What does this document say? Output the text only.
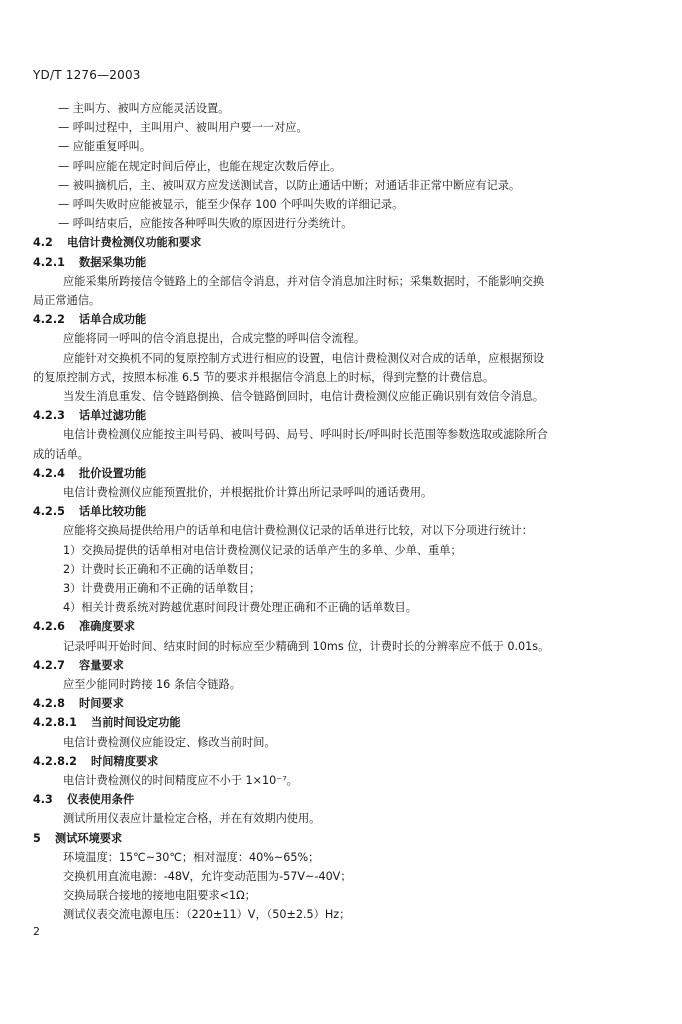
YD/T 1276—2003
— 主叫方、被叫方应能灵活设置。
— 呼叫过程中，主叫用户、被叫用户要一一对应。
— 应能重复呼叫。
— 呼叫应能在规定时间后停止，也能在规定次数后停止。
— 被叫摘机后，主、被叫双方应发送测试音，以防止通话中断；对通话非正常中断应有记录。
— 呼叫失败时应能被显示，能至少保存 100 个呼叫失败的详细记录。
— 呼叫结束后，应能按各种呼叫失败的原因进行分类统计。
4.2 电信计费检测仪功能和要求
4.2.1 数据采集功能
应能采集所跨接信令链路上的全部信令消息，并对信令消息加注时标；采集数据时，不能影响交换
局正常通信。
4.2.2 话单合成功能
应能将同一呼叫的信令消息提出，合成完整的呼叫信令流程。
应能针对交换机不同的复原控制方式进行相应的设置，电信计费检测仪对合成的话单，应根据预设
的复原控制方式，按照本标准 6.5 节的要求并根据信令消息上的时标，得到完整的计费信息。
当发生消息重发、信令链路倒换、信令链路倒回时，电信计费检测仪应能正确识别有效信令消息。
4.2.3 话单过滤功能
电信计费检测仪应能按主叫号码、被叫号码、局号、呼叫时长/呼叫时长范围等参数选取或滤除所合
成的话单。
4.2.4 批价设置功能
电信计费检测仪应能预置批价，并根据批价计算出所记录呼叫的通话费用。
4.2.5 话单比较功能
应能将交换局提供给用户的话单和电信计费检测仪记录的话单进行比较，对以下分项进行统计：
1）交换局提供的话单相对电信计费检测仪记录的话单产生的多单、少单、重单；
2）计费时长正确和不正确的话单数目；
3）计费费用正确和不正确的话单数目；
4）相关计费系统对跨越优惠时间段计费处理正确和不正确的话单数目。
4.2.6 准确度要求
记录呼叫开始时间、结束时间的时标应至少精确到 10ms 位，计费时长的分辨率应不低于 0.01s。
4.2.7 容量要求
应至少能同时跨接 16 条信令链路。
4.2.8 时间要求
4.2.8.1 当前时间设定功能
电信计费检测仪应能设定、修改当前时间。
4.2.8.2 时间精度要求
电信计费检测仪的时间精度应不小于 1×10⁻⁷。
4.3 仪表使用条件
测试所用仪表应计量检定合格，并在有效期内使用。
5 测试环境要求
环境温度：15℃~30℃；相对湿度：40%~65%；
交换机用直流电源：-48V，允许变动范围为-57V~-40V；
交换局联合接地的接地电阻要求<1Ω；
2
测试仪表交流电源电压：（220±11）V，（50±2.5）Hz；
